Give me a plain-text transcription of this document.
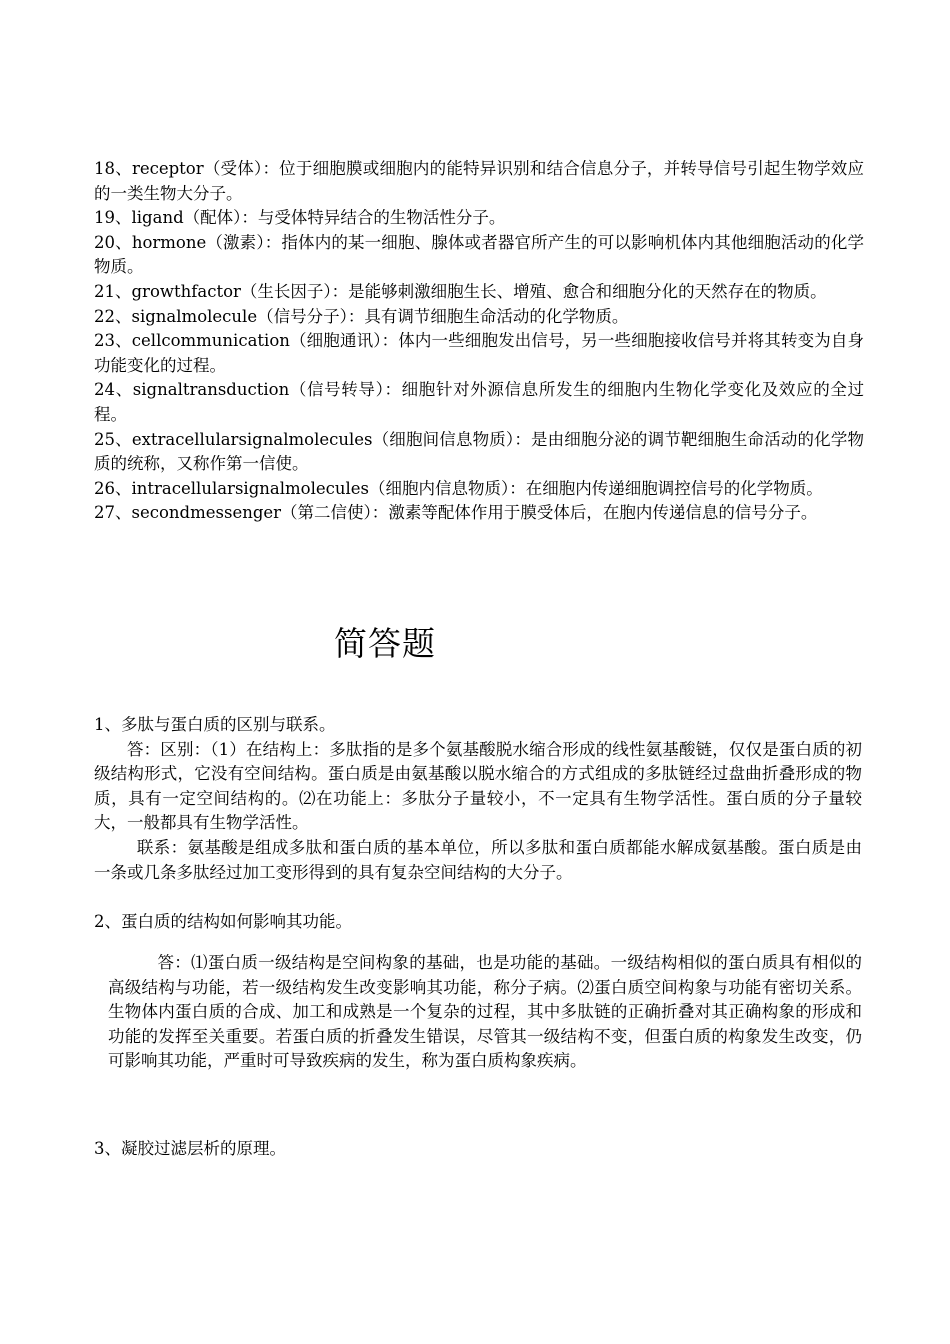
18、receptor（受体）：位于细胞膜或细胞内的能特异识别和结合信息分子，并转导信号引起生物学效应的一类生物大分子。

19、ligand（配体）：与受体特异结合的生物活性分子。

20、hormone（激素）：指体内的某一细胞、腺体或者器官所产生的可以影响机体内其他细胞活动的化学物质。

21、growthfactor（生长因子）：是能够刺激细胞生长、增殖、愈合和细胞分化的天然存在的物质。

22、signalmolecule（信号分子）：具有调节细胞生命活动的化学物质。

23、cellcommunication（细胞通讯）：体内一些细胞发出信号，另一些细胞接收信号并将其转变为自身功能变化的过程。

24、signaltransduction（信号转导）：细胞针对外源信息所发生的细胞内生物化学变化及效应的全过程。

25、extracellularsignalmolecules（细胞间信息物质）：是由细胞分泌的调节靶细胞生命活动的化学物质的统称，又称作第一信使。

26、intracellularsignalmolecules（细胞内信息物质）：在细胞内传递细胞调控信号的化学物质。

27、secondmessenger（第二信使）：激素等配体作用于膜受体后，在胞内传递信息的信号分子。

简答题

1、多肽与蛋白质的区别与联系。

答：区别：（1）在结构上：多肽指的是多个氨基酸脱水缩合形成的线性氨基酸链，仅仅是蛋白质的初级结构形式，它没有空间结构。蛋白质是由氨基酸以脱水缩合的方式组成的多肽链经过盘曲折叠形成的物质，具有一定空间结构的。⑵在功能上：多肽分子量较小，不一定具有生物学活性。蛋白质的分子量较大，一般都具有生物学活性。

联系：氨基酸是组成多肽和蛋白质的基本单位，所以多肽和蛋白质都能水解成氨基酸。蛋白质是由一条或几条多肽经过加工变形得到的具有复杂空间结构的大分子。

2、蛋白质的结构如何影响其功能。

答：⑴蛋白质一级结构是空间构象的基础，也是功能的基础。一级结构相似的蛋白质具有相似的高级结构与功能，若一级结构发生改变影响其功能，称分子病。⑵蛋白质空间构象与功能有密切关系。生物体内蛋白质的合成、加工和成熟是一个复杂的过程，其中多肽链的正确折叠对其正确构象的形成和功能的发挥至关重要。若蛋白质的折叠发生错误，尽管其一级结构不变，但蛋白质的构象发生改变，仍可影响其功能，严重时可导致疾病的发生，称为蛋白质构象疾病。

3、凝胶过滤层析的原理。
